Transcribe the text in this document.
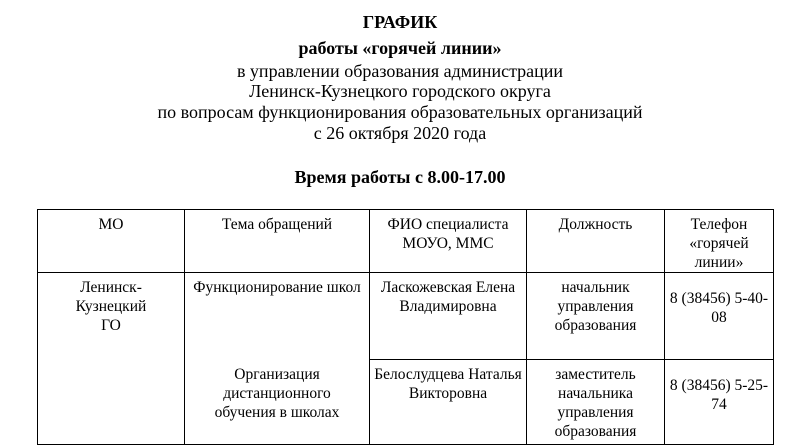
ГРАФИК
работы «горячей линии»
в управлении образования администрации
Ленинск-Кузнецкого городского округа
по вопросам функционирования образовательных организаций
с 26 октября 2020 года
Время работы с 8.00-17.00
МО	Тема обращений	ФИО специалиста МОУО, ММС	Должность	Телефон «горячей линии»

Ленинск-Кузнецкий ГО	Функционирование школ	Ласкожевская Елена Владимировна	начальник управления образования	8 (38456) 5-40-08

	Организация дистанционного обучения в школах	Белослудцева Наталья Викторовна	заместитель начальника управления образования	8 (38456) 5-25-74
